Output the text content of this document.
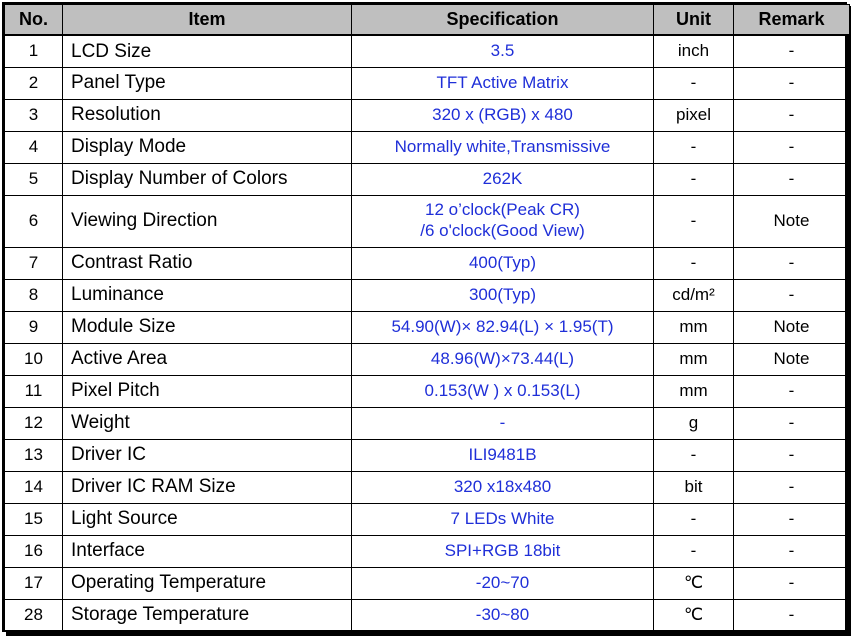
No.	Item	Specification	Unit	Remark
1	LCD Size	3.5	inch	-
2	Panel Type	TFT Active Matrix	-	-
3	Resolution	320 x (RGB) x 480	pixel	-
4	Display Mode	Normally white,Transmissive	-	-
5	Display Number of Colors	262K	-	-
6	Viewing Direction	12 o’clock(Peak CR)
/6 o'clock(Good View)	-	Note
7	Contrast Ratio	400(Typ)	-	-
8	Luminance	300(Typ)	cd/m²	-
9	Module Size	54.90(W)× 82.94(L) × 1.95(T)	mm	Note
10	Active Area	48.96(W)×73.44(L)	mm	Note
11	Pixel Pitch	0.153(W ) x 0.153(L)	mm	-
12	Weight	-	g	-
13	Driver IC	ILI9481B	-	-
14	Driver IC RAM Size	320 x18x480	bit	-
15	Light Source	7 LEDs White	-	-
16	Interface	SPI+RGB 18bit	-	-
17	Operating Temperature	-20~70	℃	-
28	Storage Temperature	-30~80	℃	-
